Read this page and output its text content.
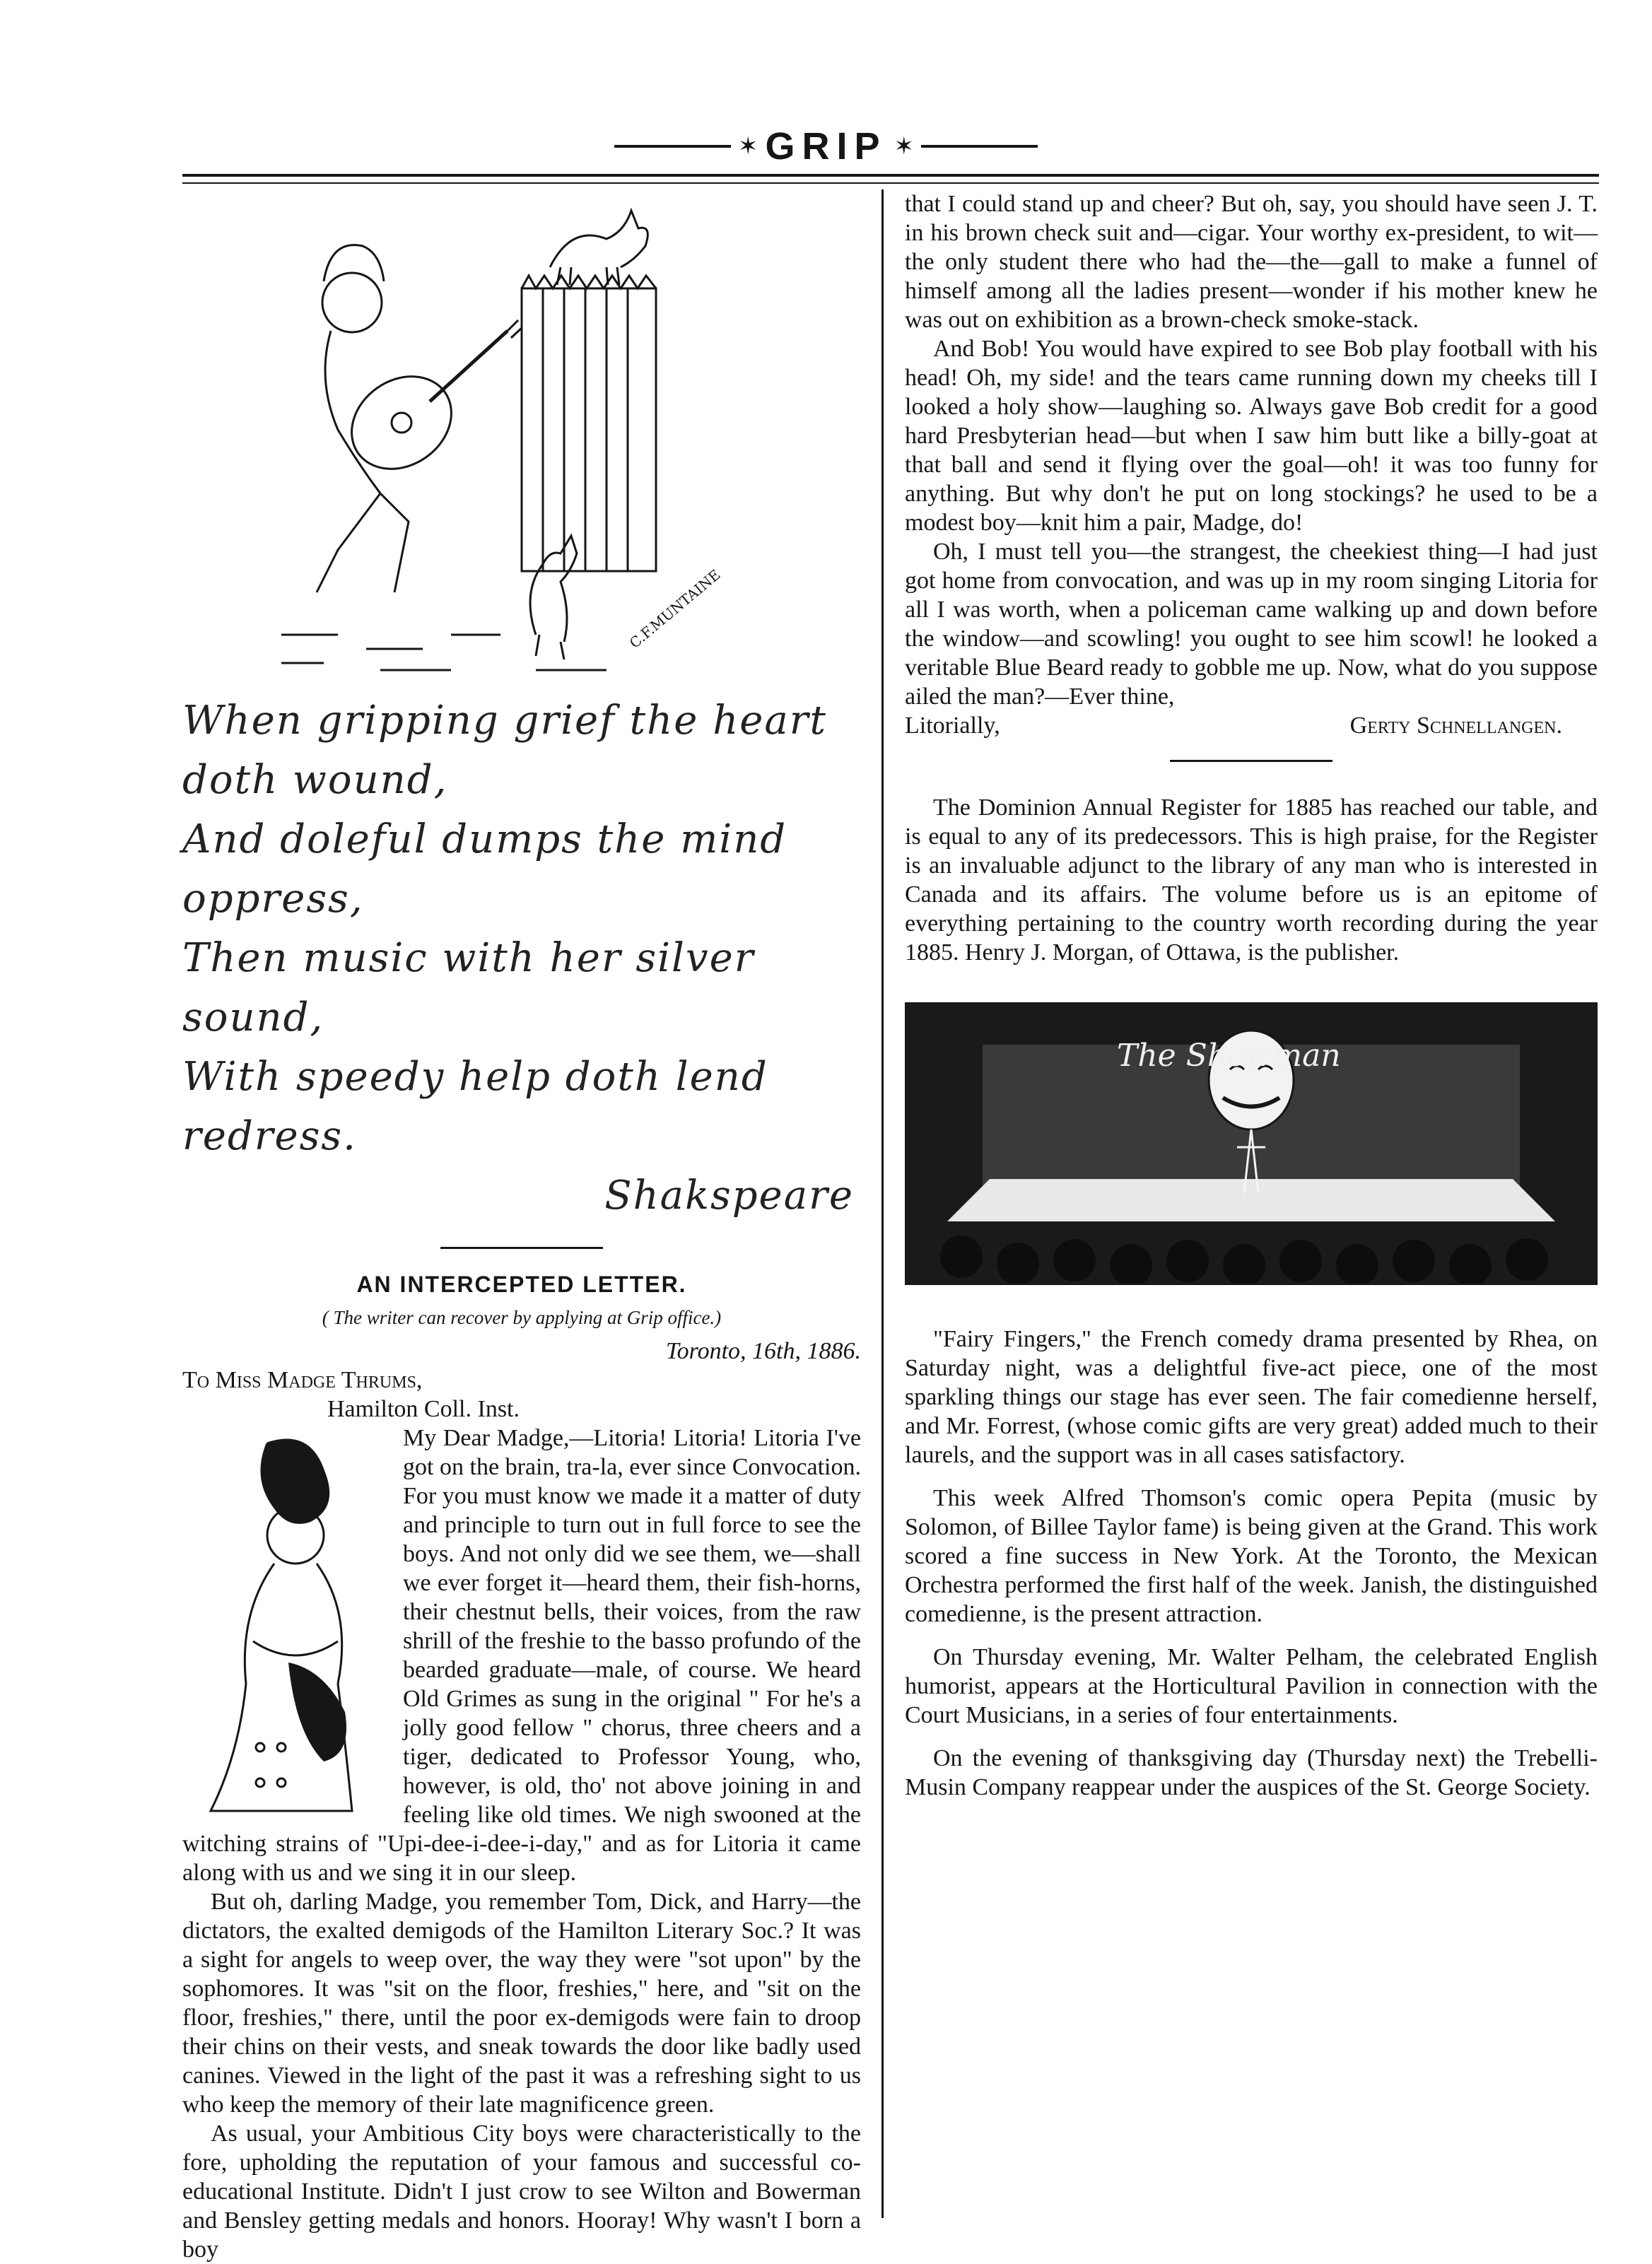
✶ GRIP ✶
C.F.MUNTAINE
When gripping grief the heart doth wound,
And doleful dumps the mind oppress,
Then music with her silver sound,
With speedy help doth lend redress.
Shakspeare
AN INTERCEPTED LETTER.
( The writer can recover by applying at Grip office.)
Toronto, 16th, 1886.

To Miss Madge Thrums,

Hamilton Coll. Inst.

My Dear Madge,—Litoria! Litoria! Litoria I've got on the brain, tra-la, ever since Convocation. For you must know we made it a matter of duty and principle to turn out in full force to see the boys. And not only did we see them, we—shall we ever forget it—heard them, their fish-horns, their chestnut bells, their voices, from the raw shrill of the freshie to the basso profundo of the bearded graduate—male, of course. We heard Old Grimes as sung in the original " For he's a jolly good fellow " chorus, three cheers and a tiger, dedicated to Professor Young, who, however, is old, tho' not above joining in and feeling like old times. We nigh swooned at the witching strains of "Upi-dee-i-dee-i-day," and as for Litoria it came along with us and we sing it in our sleep.

But oh, darling Madge, you remember Tom, Dick, and Harry—the dictators, the exalted demigods of the Hamilton Literary Soc.? It was a sight for angels to weep over, the way they were "sot upon" by the sophomores. It was "sit on the floor, freshies," here, and "sit on the floor, freshies," there, until the poor ex-demigods were fain to droop their chins on their vests, and sneak towards the door like badly used canines. Viewed in the light of the past it was a refreshing sight to us who keep the memory of their late magnificence green.

As usual, your Ambitious City boys were characteristically to the fore, upholding the reputation of your famous and successful co-educational Institute. Didn't I just crow to see Wilton and Bowerman and Bensley getting medals and honors. Hooray! Why wasn't I born a boy

that I could stand up and cheer? But oh, say, you should have seen J. T. in his brown check suit and—cigar. Your worthy ex-president, to wit—the only student there who had the—the—gall to make a funnel of himself among all the ladies present—wonder if his mother knew he was out on exhibition as a brown-check smoke-stack.

And Bob! You would have expired to see Bob play football with his head! Oh, my side! and the tears came running down my cheeks till I looked a holy show—laughing so. Always gave Bob credit for a good hard Presbyterian head—but when I saw him butt like a billy-goat at that ball and send it flying over the goal—oh! it was too funny for anything. But why don't he put on long stockings? he used to be a modest boy—knit him a pair, Madge, do!

Oh, I must tell you—the strangest, the cheekiest thing—I had just got home from convocation, and was up in my room singing Litoria for all I was worth, when a policeman came walking up and down before the window—and scowling! you ought to see him scowl! he looked a veritable Blue Beard ready to gobble me up. Now, what do you suppose ailed the man?—Ever thine,

Litorially,	Gerty Schnellangen.

The Dominion Annual Register for 1885 has reached our table, and is equal to any of its predecessors. This is high praise, for the Register is an invaluable adjunct to the library of any man who is interested in Canada and its affairs. The volume before us is an epitome of everything pertaining to the country worth recording during the year 1885. Henry J. Morgan, of Ottawa, is the publisher.

The Showman

"Fairy Fingers," the French comedy drama presented by Rhea, on Saturday night, was a delightful five-act piece, one of the most sparkling things our stage has ever seen. The fair comedienne herself, and Mr. Forrest, (whose comic gifts are very great) added much to their laurels, and the support was in all cases satisfactory.

This week Alfred Thomson's comic opera Pepita (music by Solomon, of Billee Taylor fame) is being given at the Grand. This work scored a fine success in New York. At the Toronto, the Mexican Orchestra performed the first half of the week. Janish, the distinguished comedienne, is the present attraction.

On Thursday evening, Mr. Walter Pelham, the celebrated English humorist, appears at the Horticultural Pavilion in connection with the Court Musicians, in a series of four entertainments.

On the evening of thanksgiving day (Thursday next) the Trebelli-Musin Company reappear under the auspices of the St. George Society.
